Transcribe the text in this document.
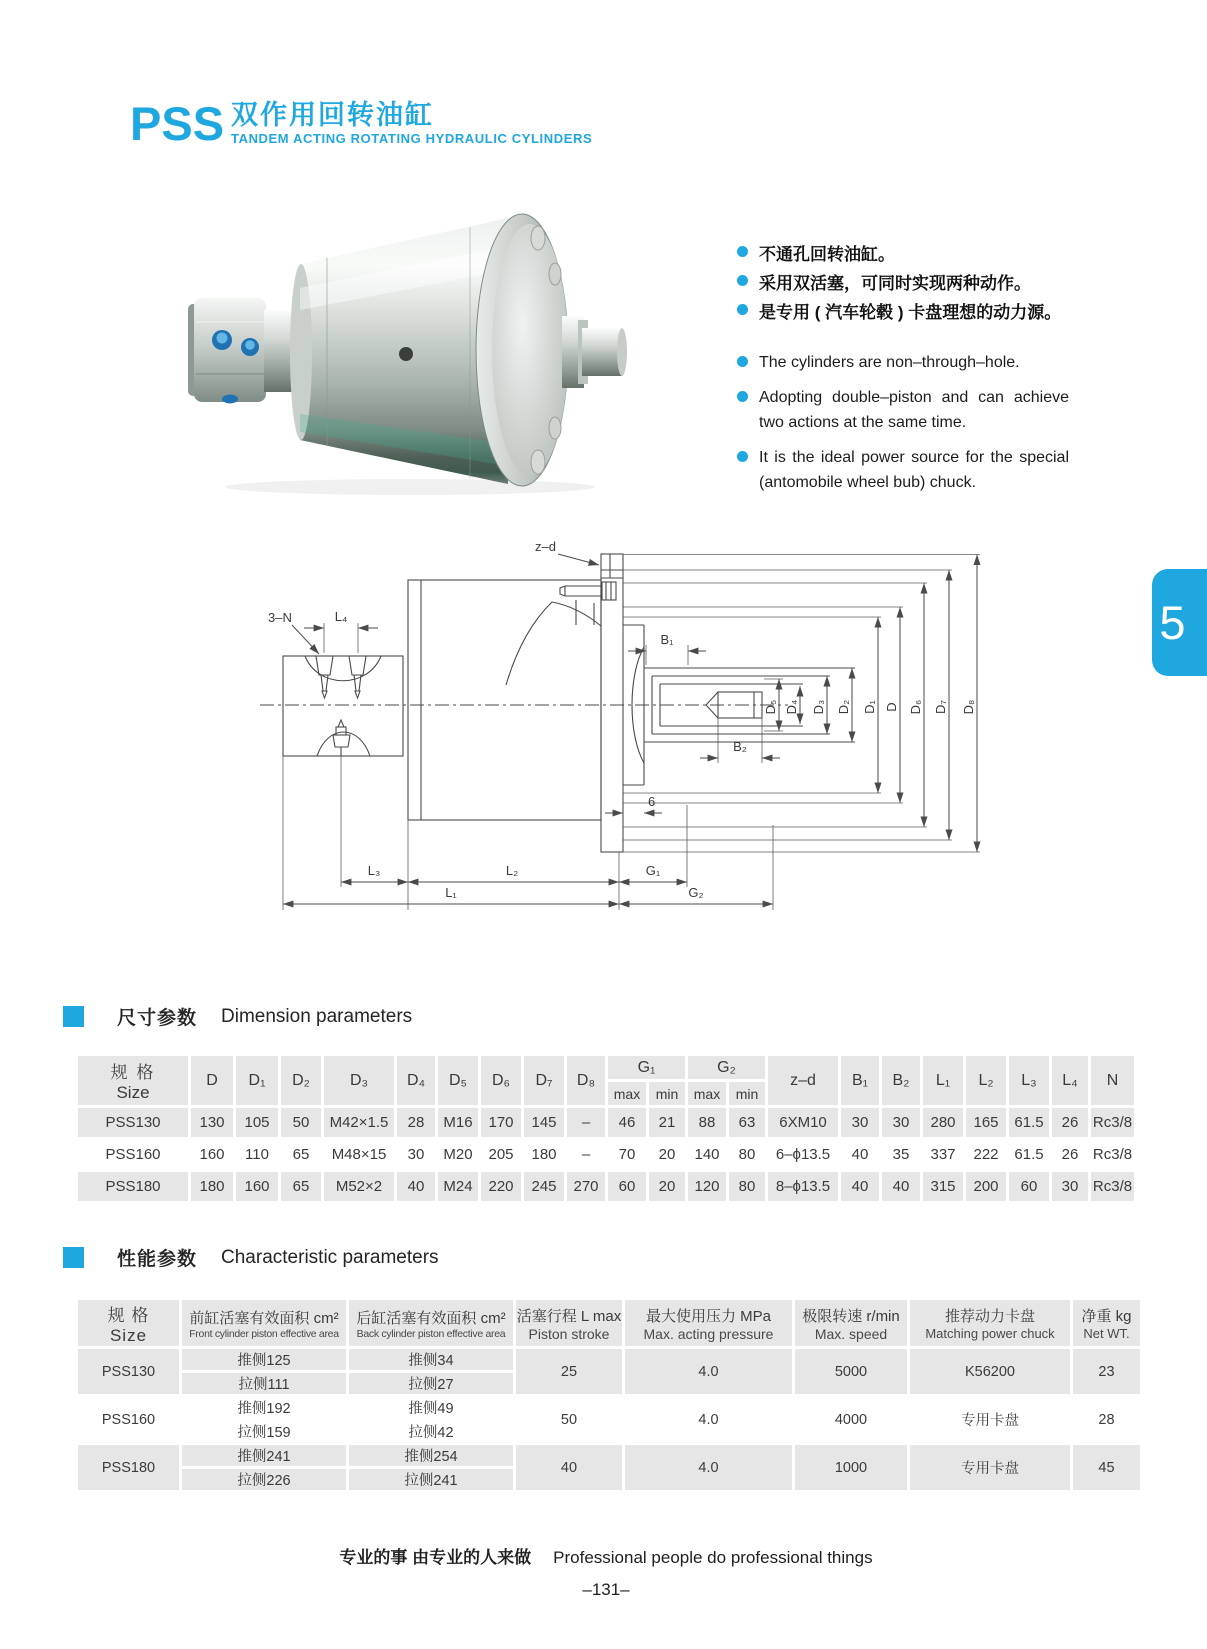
PSS 双作用回转油缸
TANDEM ACTING ROTATING HYDRAULIC CYLINDERS
不通孔回转油缸。
采用双活塞，可同时实现两种动作。
是专用 ( 汽车轮毂 ) 卡盘理想的动力源。
The cylinders are non–through–hole.
Adopting double–piston and can achieve two actions at the same time.
It is the ideal power source for the special (antomobile wheel bub) chuck.
3–N	L₄
z–d
B₁
B₂
6
L₃	L₂	G₁
L₁	G₂
D₅ D₄ D₃ D₂ D₁ D D₆ D₇ D₈
5
尺寸参数 Dimension parameters
规 格
Size	D	D₁	D₂	D₃	D₄	D₅	D₆	D₇	D₈	G₁		G₂		z–d	B₁	B₂	L₁	L₂	L₃	L₄	N
										max	min	max	min								
PSS130	130	105	50	M42×1.5	28	M16	170	145	–	46	21	88	63	6XM10	30	30	280	165	61.5	26	Rc3/8
PSS160	160	110	65	M48×15	30	M20	205	180	–	70	20	140	80	6–ϕ13.5	40	35	337	222	61.5	26	Rc3/8
PSS180	180	160	65	M52×2	40	M24	220	245	270	60	20	120	80	8–ϕ13.5	40	40	315	200	60	30	Rc3/8
性能参数 Characteristic parameters
规 格
Size

前缸活塞有效面积 cm²
Front cylinder piston effective area

后缸活塞有效面积 cm²
Back cylinder piston effective area

活塞行程 L max
Piston stroke

最大使用压力 MPa
Max. acting pressure

极限转速 r/min
Max. speed

推荐动力卡盘
Matching power chuck

净重 kg
Net WT.

PSS130	推侧125	推侧34	25	4.0	5000	K56200	23
	拉侧111	拉侧27					
PSS160	推侧192	推侧49	50	4.0	4000	专用卡盘	28
	拉侧159	拉侧42					
PSS180	推侧241	推侧254	40	4.0	1000	专用卡盘	45
	拉侧226	拉侧241					
专业的事 由专业的人来做 Professional people do professional things
–131–
